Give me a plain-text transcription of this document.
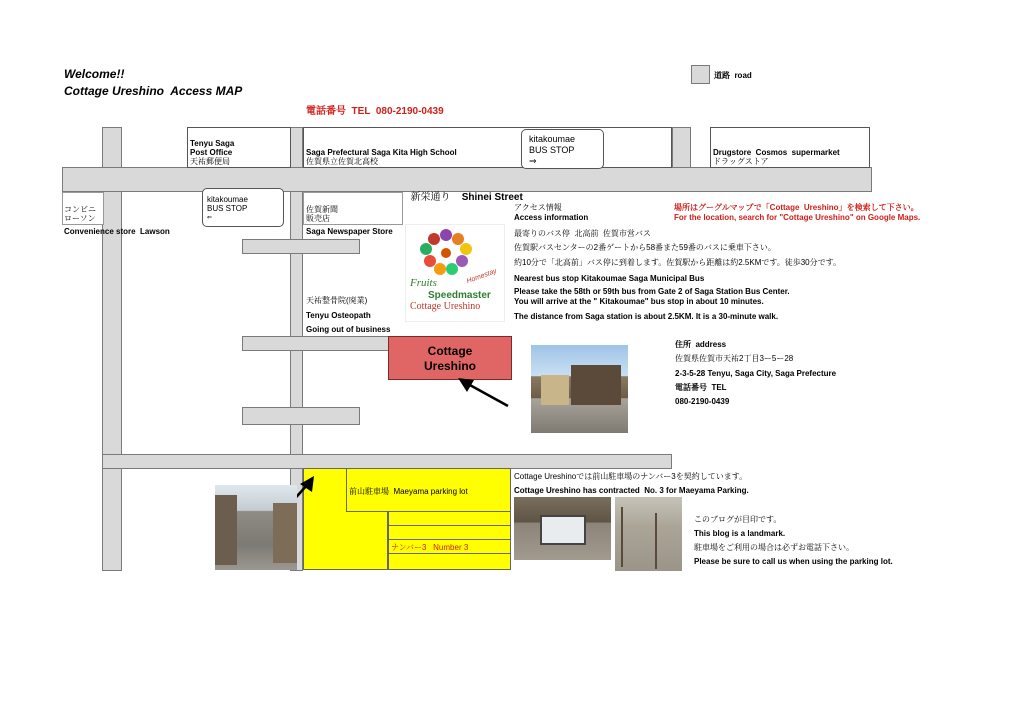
Welcome!!
Cottage Ureshino  Access MAP
電話番号  TEL  080-2190-0439
道路  road
Tenyu Saga
Post Office
天祐郵便局
Saga Prefectural Saga Kita High School
佐賀県立佐賀北高校
kitakoumae
BUS STOP
⇒
Drugstore  Cosmos  supermarket
ドラッグストア

新栄通り Shinei Street

コンビニ
ローソン
Convenience store  Lawson
kitakoumae
BUS STOP
⇐
佐賀新聞
販売店
Saga Newspaper Store
Fruits	Homestay
Speedmaster
Cottage Ureshino
天祐整骨院(廃業)
Tenyu Osteopath
Going out of business
Cottage
Ureshino
アクセス情報
Access information
場所はグーグルマップで「Cottage  Ureshino」を検索して下さい。
For the location, search for "Cottage Ureshino" on Google Maps.
最寄りのバス停  北高前  佐賀市営バス
佐賀駅バスセンターの2番ゲートから58番また59番のバスに乗車下さい。
約10分で「北高前」バス停に到着します。佐賀駅から距離は約2.5KMです。徒歩30分です。
Nearest bus stop Kitakoumae Saga Municipal Bus
Please take the 58th or 59th bus from Gate 2 of Saga Station Bus Center.
You will arrive at the " Kitakoumae" bus stop in about 10 minutes.
The distance from Saga station is about 2.5KM. It is a 30-minute walk.
住所  address
佐賀県佐賀市天祐2丁目3ー5ー28
2-3-5-28 Tenyu, Saga City, Saga Prefecture
電話番号  TEL
080-2190-0439
前山駐車場  Maeyama parking lot
ナンバー3   Number 3
Cottage Ureshinoでは前山駐車場のナンバー3を契約しています。
Cottage Ureshino has contracted  No. 3 for Maeyama Parking.
このブログが目印です。
This blog is a landmark.
駐車場をご利用の場合は必ずお電話下さい。
Please be sure to call us when using the parking lot.
